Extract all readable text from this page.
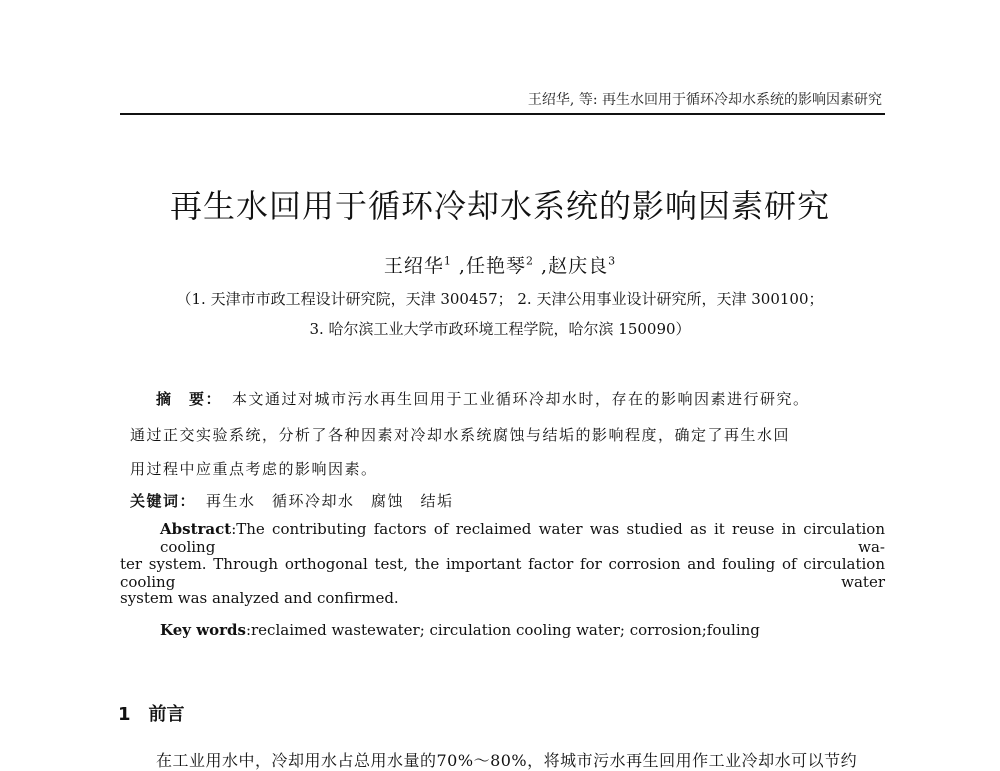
王绍华, 等: 再生水回用于循环冷却水系统的影响因素研究
再生水回用于循环冷却水系统的影响因素研究
王绍华$^1$ ,任艳琴$^2$ ,赵庆良$^3$
（1. 天津市市政工程设计研究院，天津 300457； 2. 天津公用事业设计研究所，天津 300100；
3. 哈尔滨工业大学市政环境工程学院，哈尔滨 150090）
摘　要： 本文通过对城市污水再生回用于工业循环冷却水时，存在的影响因素进行研究。
通过正交实验系统，分析了各种因素对冷却水系统腐蚀与结垢的影响程度，确定了再生水回
用过程中应重点考虑的影响因素。
关键词： 再生水　循环冷却水　腐蚀　结垢
Abstract:The contributing factors of reclaimed water was studied as it reuse in circulation cooling wa-
ter system. Through orthogonal test, the important factor for corrosion and fouling of circulation cooling water
system was analyzed and confirmed.
Key words:reclaimed wastewater; circulation cooling water; corrosion;fouling
1 前言
在工业用水中，冷却用水占总用水量的70%～80%，将城市污水再生回用作工业冷却水可以节约
